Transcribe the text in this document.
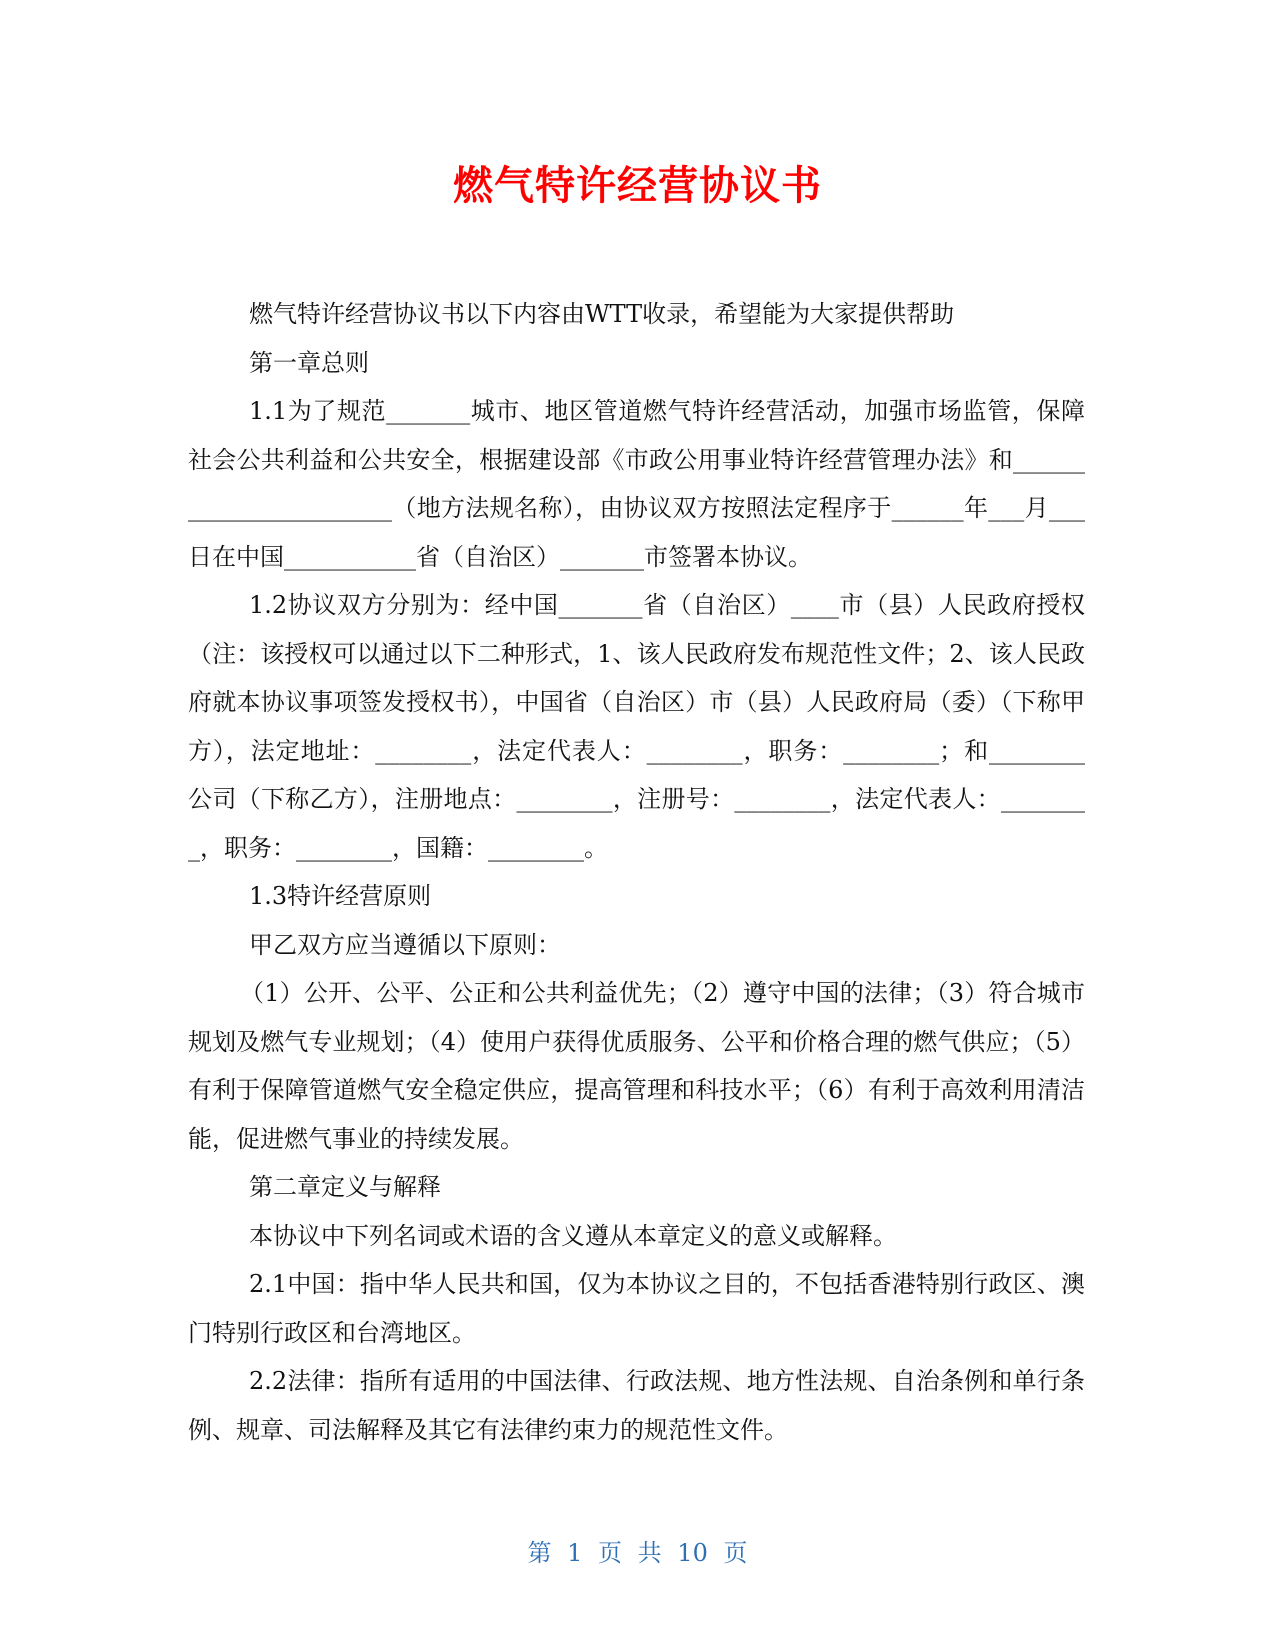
燃气特许经营协议书

燃气特许经营协议书以下内容由WTT收录，希望能为大家提供帮助

第一章总则

1.1为了规范_______城市、地区管道燃气特许经营活动，加强市场监管，保障社会公共利益和公共安全，根据建设部《市政公用事业特许经营管理办法》和_______________________（地方法规名称），由协议双方按照法定程序于______年___月___日在中国___________省（自治区）_______市签署本协议。

1.2协议双方分别为：经中国_______省（自治区）____市（县）人民政府授权（注：该授权可以通过以下二种形式，1、该人民政府发布规范性文件；2、该人民政府就本协议事项签发授权书），中国省（自治区）市（县）人民政府局（委）（下称甲方），法定地址：________，法定代表人：________，职务：________；和________公司（下称乙方），注册地点：________，注册号：________，法定代表人：________，职务：________，国籍：________。

1.3特许经营原则

甲乙双方应当遵循以下原则：

（1）公开、公平、公正和公共利益优先；（2）遵守中国的法律；（3）符合城市规划及燃气专业规划；（4）使用户获得优质服务、公平和价格合理的燃气供应；（5）有利于保障管道燃气安全稳定供应，提高管理和科技水平；（6）有利于高效利用清洁能，促进燃气事业的持续发展。

第二章定义与解释

本协议中下列名词或术语的含义遵从本章定义的意义或解释。

2.1中国：指中华人民共和国，仅为本协议之目的，不包括香港特别行政区、澳门特别行政区和台湾地区。

2.2法律：指所有适用的中国法律、行政法规、地方性法规、自治条例和单行条例、规章、司法解释及其它有法律约束力的规范性文件。

第 1 页 共 10 页
